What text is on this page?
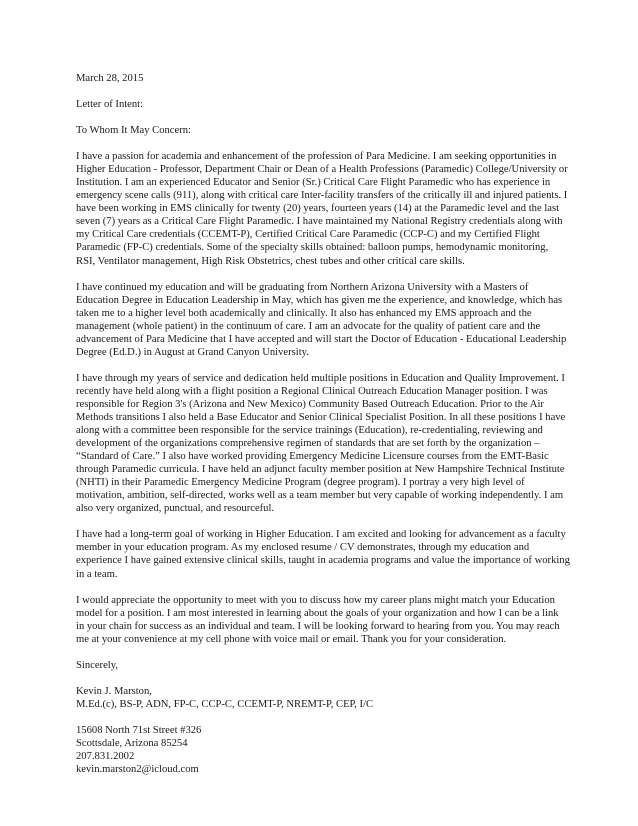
March 28, 2015

Letter of Intent:

To Whom It May Concern:

I have a passion for academia and enhancement of the profession of Para Medicine. I am seeking opportunities in
Higher Education - Professor, Department Chair or Dean of a Health Professions (Paramedic) College/University or
Institution. I am an experienced Educator and Senior (Sr.) Critical Care Flight Paramedic who has experience in
emergency scene calls (911), along with critical care Inter-facility transfers of the critically ill and injured patients. I
have been working in EMS clinically for twenty (20) years, fourteen years (14) at the Paramedic level and the last
seven (7) years as a Critical Care Flight Paramedic. I have maintained my National Registry credentials along with
my Critical Care credentials (CCEMT-P), Certified Critical Care Paramedic (CCP-C) and my Certified Flight
Paramedic (FP-C) credentials. Some of the specialty skills obtained: balloon pumps, hemodynamic monitoring,
RSI, Ventilator management, High Risk Obstetrics, chest tubes and other critical care skills.

I have continued my education and will be graduating from Northern Arizona University with a Masters of
Education Degree in Education Leadership in May, which has given me the experience, and knowledge, which has
taken me to a higher level both academically and clinically. It also has enhanced my EMS approach and the
management (whole patient) in the continuum of care. I am an advocate for the quality of patient care and the
advancement of Para Medicine that I have accepted and will start the Doctor of Education - Educational Leadership
Degree (Ed.D.) in August at Grand Canyon University.

I have through my years of service and dedication held multiple positions in Education and Quality Improvement. I
recently have held along with a flight position a Regional Clinical Outreach Education Manager position. I was
responsible for Region 3's (Arizona and New Mexico) Community Based Outreach Education. Prior to the Air
Methods transitions I also held a Base Educator and Senior Clinical Specialist Position. In all these positions I have
along with a committee been responsible for the service trainings (Education), re-credentialing, reviewing and
development of the organizations comprehensive regimen of standards that are set forth by the organization –
“Standard of Care.” I also have worked providing Emergency Medicine Licensure courses from the EMT-Basic
through Paramedic curricula. I have held an adjunct faculty member position at New Hampshire Technical Institute
(NHTI) in their Paramedic Emergency Medicine Program (degree program). I portray a very high level of
motivation, ambition, self-directed, works well as a team member but very capable of working independently. I am
also very organized, punctual, and resourceful.

I have had a long-term goal of working in Higher Education. I am excited and looking for advancement as a faculty
member in your education program. As my enclosed resume / CV demonstrates, through my education and
experience I have gained extensive clinical skills, taught in academia programs and value the importance of working
in a team.

I would appreciate the opportunity to meet with you to discuss how my career plans might match your Education
model for a position. I am most interested in learning about the goals of your organization and how I can be a link
in your chain for success as an individual and team. I will be looking forward to hearing from you. You may reach
me at your convenience at my cell phone with voice mail or email. Thank you for your consideration.

Sincerely,

Kevin J. Marston,
M.Ed.(c), BS-P, ADN, FP-C, CCP-C, CCEMT-P, NREMT-P, CEP, I/C

15608 North 71st Street #326
Scottsdale, Arizona 85254
207.831.2002
kevin.marston2@icloud.com
